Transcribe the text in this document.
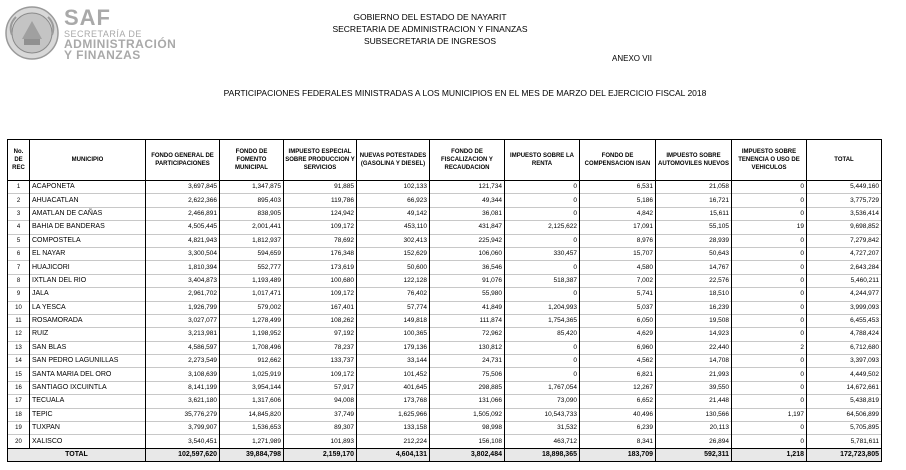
SAF
SECRETARÍA DE
ADMINISTRACIÓN
Y FINANZAS
GOBIERNO DEL ESTADO DE NAYARIT
SECRETARIA DE ADMINISTRACION Y FINANZAS
SUBSECRETARIA DE INGRESOS
ANEXO VII
PARTICIPACIONES FEDERALES MINISTRADAS A LOS MUNICIPIOS EN EL MES DE MARZO DEL EJERCICIO FISCAL 2018
No. DE REC	MUNICIPIO	FONDO GENERAL DE PARTICIPACIONES	FONDO DE FOMENTO MUNICIPAL	IMPUESTO ESPECIAL SOBRE PRODUCCION Y SERVICIOS	NUEVAS POTESTADES (GASOLINA Y DIESEL)	FONDO DE FISCALIZACION Y RECAUDACION	IMPUESTO SOBRE LA RENTA	FONDO DE COMPENSACION ISAN	IMPUESTO SOBRE AUTOMOVILES NUEVOS	IMPUESTO SOBRE TENENCIA O USO DE VEHICULOS	TOTAL
1	ACAPONETA	3,697,845	1,347,875	91,885	102,133	121,734	0	6,531	21,058	0	5,449,160
2	AHUACATLAN	2,622,366	895,403	119,786	66,923	49,344	0	5,186	16,721	0	3,775,729
3	AMATLAN DE CAÑAS	2,466,891	838,905	124,942	49,142	36,081	0	4,842	15,611	0	3,536,414
4	BAHIA DE BANDERAS	4,505,445	2,001,441	109,172	453,110	431,847	2,125,622	17,091	55,105	19	9,698,852
5	COMPOSTELA	4,821,943	1,812,937	78,692	302,413	225,942	0	8,976	28,939	0	7,279,842
6	EL NAYAR	3,300,504	594,659	176,348	152,629	106,060	330,457	15,707	50,643	0	4,727,207
7	HUAJICORI	1,810,394	552,777	173,619	50,600	36,546	0	4,580	14,767	0	2,643,284
8	IXTLAN DEL RIO	3,404,873	1,193,489	100,680	122,128	91,076	518,387	7,002	22,576	0	5,460,211
9	JALA	2,961,702	1,017,471	109,172	76,402	55,980	0	5,741	18,510	0	4,244,977
10	LA YESCA	1,926,799	579,002	167,401	57,774	41,849	1,204,993	5,037	16,239	0	3,999,093
11	ROSAMORADA	3,027,077	1,278,499	108,262	149,818	111,874	1,754,365	6,050	19,508	0	6,455,453
12	RUIZ	3,213,981	1,198,952	97,192	100,365	72,962	85,420	4,629	14,923	0	4,788,424
13	SAN BLAS	4,586,597	1,708,496	78,237	179,136	130,812	0	6,960	22,440	2	6,712,680
14	SAN PEDRO LAGUNILLAS	2,273,549	912,662	133,737	33,144	24,731	0	4,562	14,708	0	3,397,093
15	SANTA MARIA DEL ORO	3,108,639	1,025,919	109,172	101,452	75,506	0	6,821	21,993	0	4,449,502
16	SANTIAGO IXCUINTLA	8,141,199	3,954,144	57,917	401,645	298,885	1,767,054	12,267	39,550	0	14,672,661
17	TECUALA	3,621,180	1,317,606	94,008	173,768	131,066	73,090	6,652	21,448	0	5,438,819
18	TEPIC	35,776,279	14,845,820	37,749	1,625,966	1,505,092	10,543,733	40,496	130,566	1,197	64,506,899
19	TUXPAN	3,799,907	1,536,653	89,307	133,158	98,998	31,532	6,239	20,113	0	5,705,895
20	XALISCO	3,540,451	1,271,989	101,893	212,224	156,108	463,712	8,341	26,894	0	5,781,611
TOTAL		102,597,620	39,884,798	2,159,170	4,604,131	3,802,484	18,898,365	183,709	592,311	1,218	172,723,805
